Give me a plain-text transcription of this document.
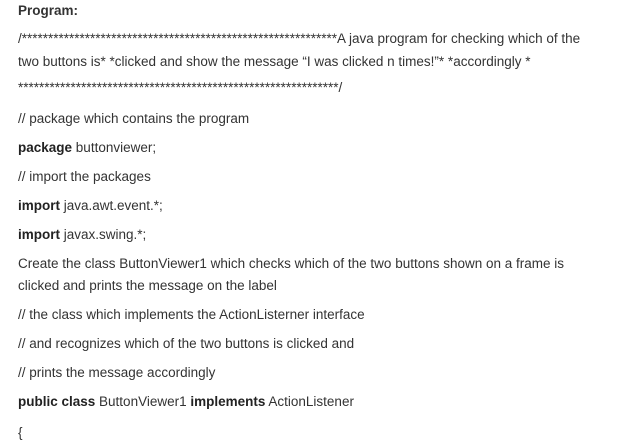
Program:
/************************************************************A java program for checking which of the
two buttons is* *clicked and show the message “I was clicked n times!”* *accordingly *
*************************************************************/
// package which contains the program
package buttonviewer;
// import the packages
import java.awt.event.*;
import javax.swing.*;
Create the class ButtonViewer1 which checks which of the two buttons shown on a frame is
clicked and prints the message on the label
// the class which implements the ActionListerner interface
// and recognizes which of the two buttons is clicked and
// prints the message accordingly
public class ButtonViewer1 implements ActionListener
{
